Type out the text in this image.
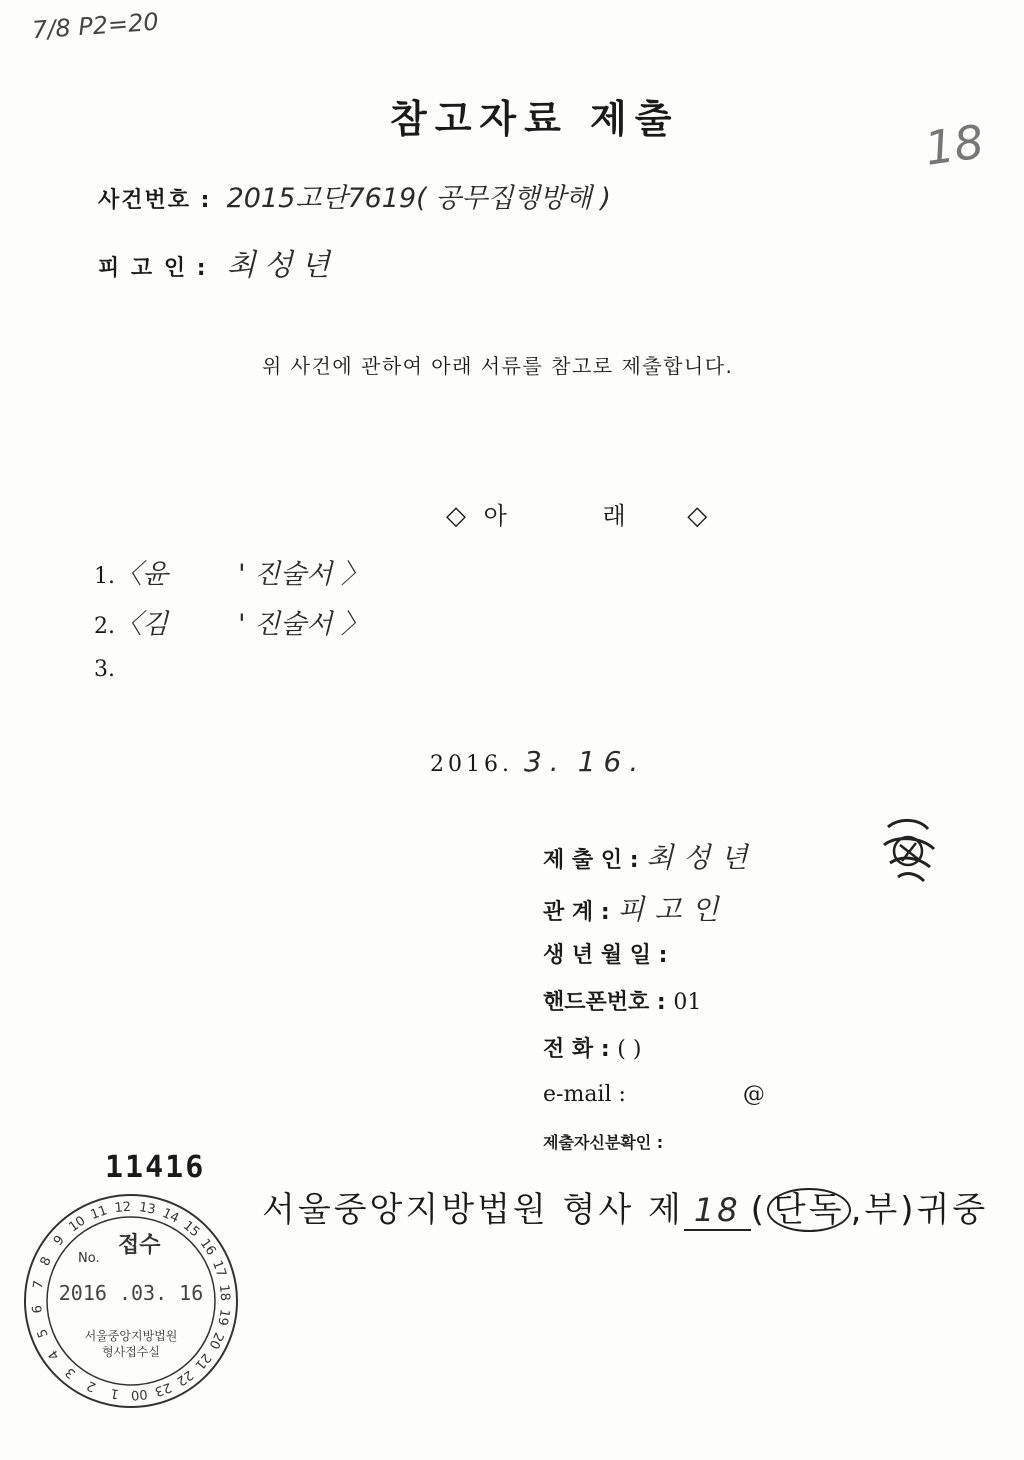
7/8 P2=20
참고자료 제출	18
사건번호 : 2015고단7619( 공무집행방해 )
피 고 인 : 최성년
위 사건에 관하여 아래 서류를 참고로 제출합니다.
◇ 아 래 ◇
1.〈윤	' 진술서 〉
2.〈김	' 진술서 〉
3.
2016. 3. 16.
제 출 인 : 최성년
관 계 : 피고인
생 년 월 일 :
핸드폰번호 : 01
전 화 : ( )
e-mail :	@
제출자신분확인 :
11416
서울중앙지방법원 형사 제 18 ( 단독 ,부)귀중
1
2
3
4
5
6
7
8
9
10
11 12 13 14
15
16
17
18
19
20
21
22
23
00
No.
접수
2016 .03. 16
서울중앙지방법원
형사접수실
